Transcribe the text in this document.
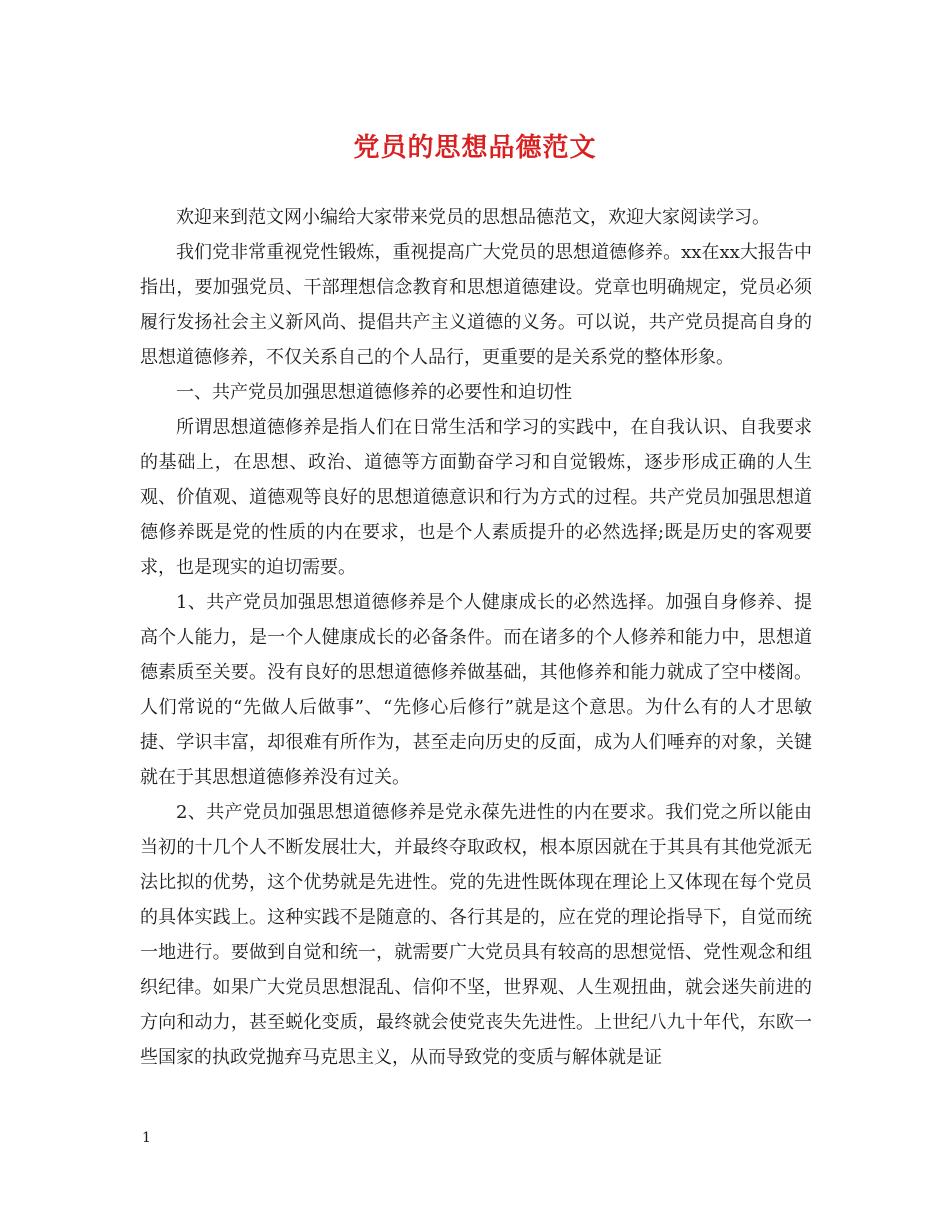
党员的思想品德范文

欢迎来到范文网小编给大家带来党员的思想品德范文，欢迎大家阅读学习。

我们党非常重视党性锻炼，重视提高广大党员的思想道德修养。xx在xx大报告中指出，要加强党员、干部理想信念教育和思想道德建设。党章也明确规定，党员必须履行发扬社会主义新风尚、提倡共产主义道德的义务。可以说，共产党员提高自身的思想道德修养，不仅关系自己的个人品行，更重要的是关系党的整体形象。

一、共产党员加强思想道德修养的必要性和迫切性

所谓思想道德修养是指人们在日常生活和学习的实践中，在自我认识、自我要求的基础上，在思想、政治、道德等方面勤奋学习和自觉锻炼，逐步形成正确的人生观、价值观、道德观等良好的思想道德意识和行为方式的过程。共产党员加强思想道德修养既是党的性质的内在要求，也是个人素质提升的必然选择;既是历史的客观要求，也是现实的迫切需要。

1、共产党员加强思想道德修养是个人健康成长的必然选择。加强自身修养、提高个人能力，是一个人健康成长的必备条件。而在诸多的个人修养和能力中，思想道德素质至关要。没有良好的思想道德修养做基础，其他修养和能力就成了空中楼阁。人们常说的“先做人后做事”、“先修心后修行”就是这个意思。为什么有的人才思敏捷、学识丰富，却很难有所作为，甚至走向历史的反面，成为人们唾弃的对象，关键就在于其思想道德修养没有过关。

2、共产党员加强思想道德修养是党永葆先进性的内在要求。我们党之所以能由当初的十几个人不断发展壮大，并最终夺取政权，根本原因就在于其具有其他党派无法比拟的优势，这个优势就是先进性。党的先进性既体现在理论上又体现在每个党员的具体实践上。这种实践不是随意的、各行其是的，应在党的理论指导下，自觉而统一地进行。要做到自觉和统一，就需要广大党员具有较高的思想觉悟、党性观念和组织纪律。如果广大党员思想混乱、信仰不坚，世界观、人生观扭曲，就会迷失前进的方向和动力，甚至蜕化变质，最终就会使党丧失先进性。上世纪八九十年代，东欧一些国家的执政党抛弃马克思主义，从而导致党的变质与解体就是证

1
